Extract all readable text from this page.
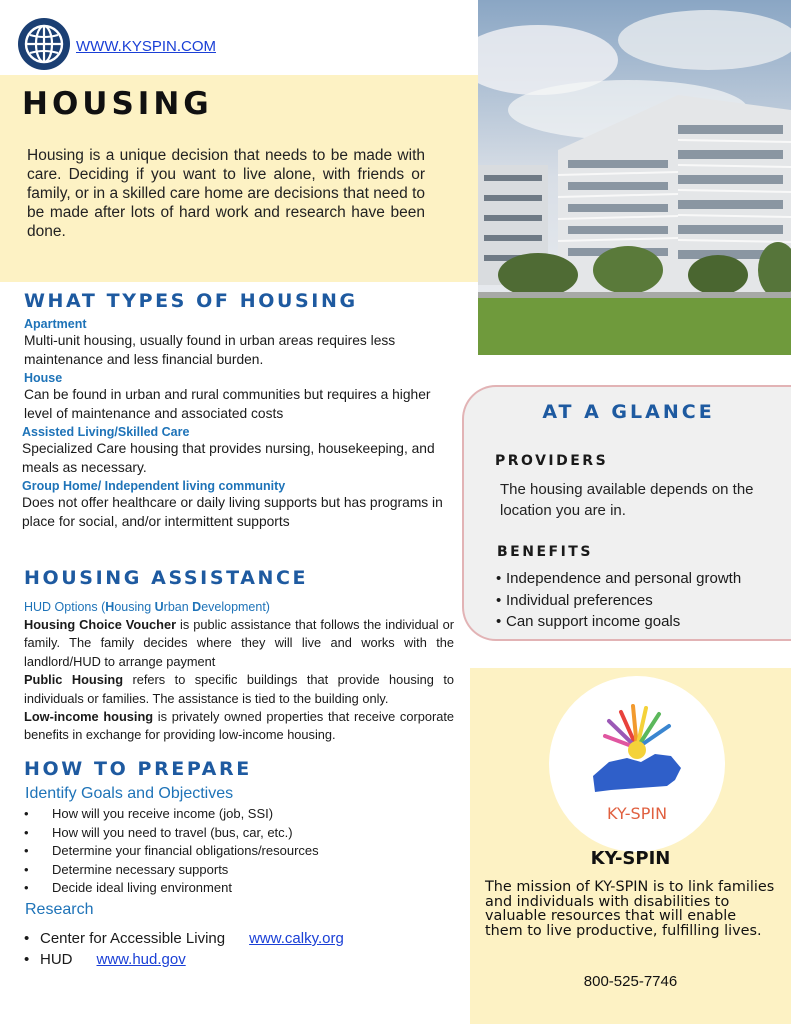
WWW.KYSPIN.COM
HOUSING
Housing is a unique decision that needs to be made with care. Deciding if you want to live alone, with friends or family, or in a skilled care home are decisions that need to be made after lots of hard work and research have been done.
WHAT TYPES OF HOUSING
Apartment
Multi-unit housing, usually found in urban areas requires less maintenance and less financial burden.
House
Can be found in urban and rural communities but requires a higher level of maintenance and associated costs
Assisted Living/Skilled Care
Specialized Care housing that provides nursing, housekeeping, and meals as necessary.
Group Home/ Independent living community
Does not offer healthcare or daily living supports but has programs in place for social, and/or intermittent supports
HOUSING ASSISTANCE
HUD Options (Housing Urban Development)

Housing Choice Voucher is public assistance that follows the individual or family. The family decides where they will live and works with the landlord/HUD to arrange payment

Public Housing refers to specific buildings that provide housing to individuals or families. The assistance is tied to the building only.

Low-income housing is privately owned properties that receive corporate benefits in exchange for providing low-income housing.

HOW TO PREPARE
Identify Goals and Objectives
• How will you receive income (job, SSI)
• How will you need to travel (bus, car, etc.)
• Determine your financial obligations/resources
• Determine necessary supports
• Decide ideal living environment
Research
• Center for Accessible Living www.calky.org
• HUD www.hud.gov
AT A GLANCE
PROVIDERS
The housing available depends on the location you are in.
BENEFITS
• Independence and personal growth
• Individual preferences
• Can support income goals
KY-SPIN
KY-SPIN
The mission of KY-SPIN is to link families and individuals with disabilities to valuable resources that will enable them to live productive, fulfilling lives.
800-525-7746
